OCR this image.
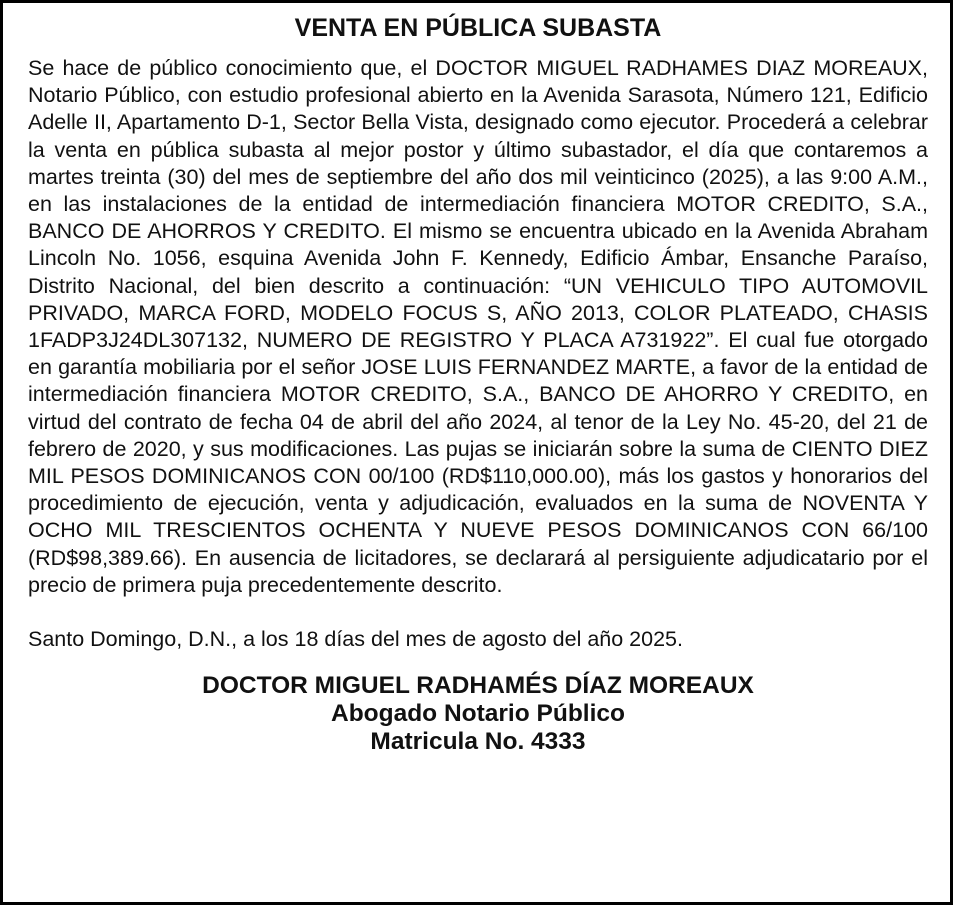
VENTA EN PÚBLICA SUBASTA

Se hace de público conocimiento que, el DOCTOR MIGUEL RADHAMES DIAZ MOREAUX, Notario Público, con estudio profesional abierto en la Avenida Sarasota, Número 121, Edificio Adelle II, Apartamento D-1, Sector Bella Vista, designado como ejecutor. Procederá a celebrar la venta en pública subasta al mejor postor y último subastador, el día que contaremos a martes treinta (30) del mes de septiembre del año dos mil veinticinco (2025), a las 9:00 A.M., en las instalaciones de la entidad de intermediación financiera MOTOR CREDITO, S.A., BANCO DE AHORROS Y CREDITO. El mismo se encuentra ubicado en la Avenida Abraham Lincoln No. 1056, esquina Avenida John F. Kennedy, Edificio Ámbar, Ensanche Paraíso, Distrito Nacional, del bien descrito a continuación: “UN VEHICULO TIPO AUTOMOVIL PRIVADO, MARCA FORD, MODELO FOCUS S, AÑO 2013, COLOR PLATEADO, CHASIS 1FADP3J24DL307132, NUMERO DE REGISTRO Y PLACA A731922”. El cual fue otorgado en garantía mobiliaria por el señor JOSE LUIS FERNANDEZ MARTE, a favor de la entidad de intermediación financiera MOTOR CREDITO, S.A., BANCO DE AHORRO Y CREDITO, en virtud del contrato de fecha 04 de abril del año 2024, al tenor de la Ley No. 45-20, del 21 de febrero de 2020, y sus modificaciones. Las pujas se iniciarán sobre la suma de CIENTO DIEZ MIL PESOS DOMINICANOS CON 00/100 (RD$110,000.00), más los gastos y honorarios del procedimiento de ejecución, venta y adjudicación, evaluados en la suma de NOVENTA Y OCHO MIL TRESCIENTOS OCHENTA Y NUEVE PESOS DOMINICANOS CON 66/100 (RD$98,389.66). En ausencia de licitadores, se declarará al persiguiente adjudicatario por el precio de primera puja precedentemente descrito.

Santo Domingo, D.N., a los 18 días del mes de agosto del año 2025.

DOCTOR MIGUEL RADHAMÉS DÍAZ MOREAUX
Abogado Notario Público
Matricula No. 4333
